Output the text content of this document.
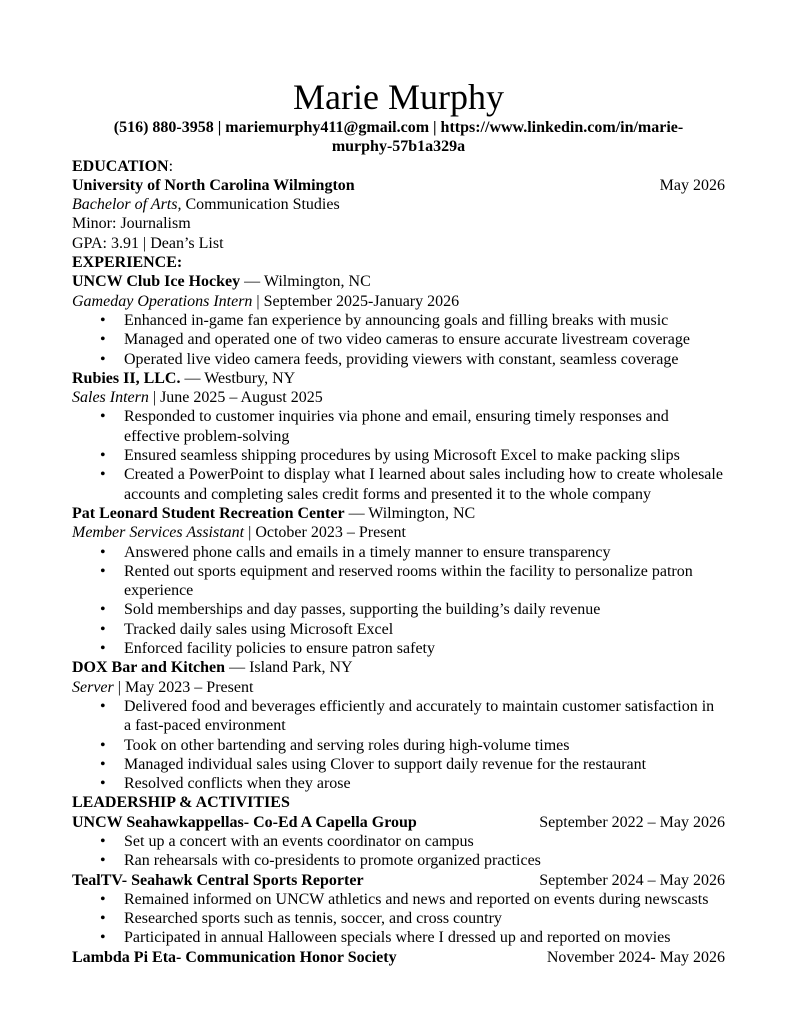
Marie Murphy
(516) 880-3958 | mariemurphy411@gmail.com | https://www.linkedin.com/in/marie-
murphy-57b1a329a
EDUCATION:
University of North Carolina Wilmington	May 2026
Bachelor of Arts, Communication Studies
Minor: Journalism
GPA: 3.91 | Dean’s List
EXPERIENCE:
UNCW Club Ice Hockey — Wilmington, NC
Gameday Operations Intern | September 2025-January 2026
• Enhanced in-game fan experience by announcing goals and filling breaks with music
• Managed and operated one of two video cameras to ensure accurate livestream coverage
• Operated live video camera feeds, providing viewers with constant, seamless coverage
Rubies II, LLC. — Westbury, NY
Sales Intern | June 2025 – August 2025
• Responded to customer inquiries via phone and email, ensuring timely responses and effective problem-solving
• Ensured seamless shipping procedures by using Microsoft Excel to make packing slips
• Created a PowerPoint to display what I learned about sales including how to create wholesale accounts and completing sales credit forms and presented it to the whole company
Pat Leonard Student Recreation Center — Wilmington, NC
Member Services Assistant | October 2023 – Present
• Answered phone calls and emails in a timely manner to ensure transparency
• Rented out sports equipment and reserved rooms within the facility to personalize patron experience
• Sold memberships and day passes, supporting the building’s daily revenue
• Tracked daily sales using Microsoft Excel
• Enforced facility policies to ensure patron safety
DOX Bar and Kitchen — Island Park, NY
Server | May 2023 – Present
• Delivered food and beverages efficiently and accurately to maintain customer satisfaction in a fast-paced environment
• Took on other bartending and serving roles during high-volume times
• Managed individual sales using Clover to support daily revenue for the restaurant
• Resolved conflicts when they arose
LEADERSHIP & ACTIVITIES
UNCW Seahawkappellas- Co-Ed A Capella Group	September 2022 – May 2026
• Set up a concert with an events coordinator on campus
• Ran rehearsals with co-presidents to promote organized practices
TealTV- Seahawk Central Sports Reporter	September 2024 – May 2026
• Remained informed on UNCW athletics and news and reported on events during newscasts
• Researched sports such as tennis, soccer, and cross country
• Participated in annual Halloween specials where I dressed up and reported on movies
Lambda Pi Eta- Communication Honor Society	November 2024- May 2026
